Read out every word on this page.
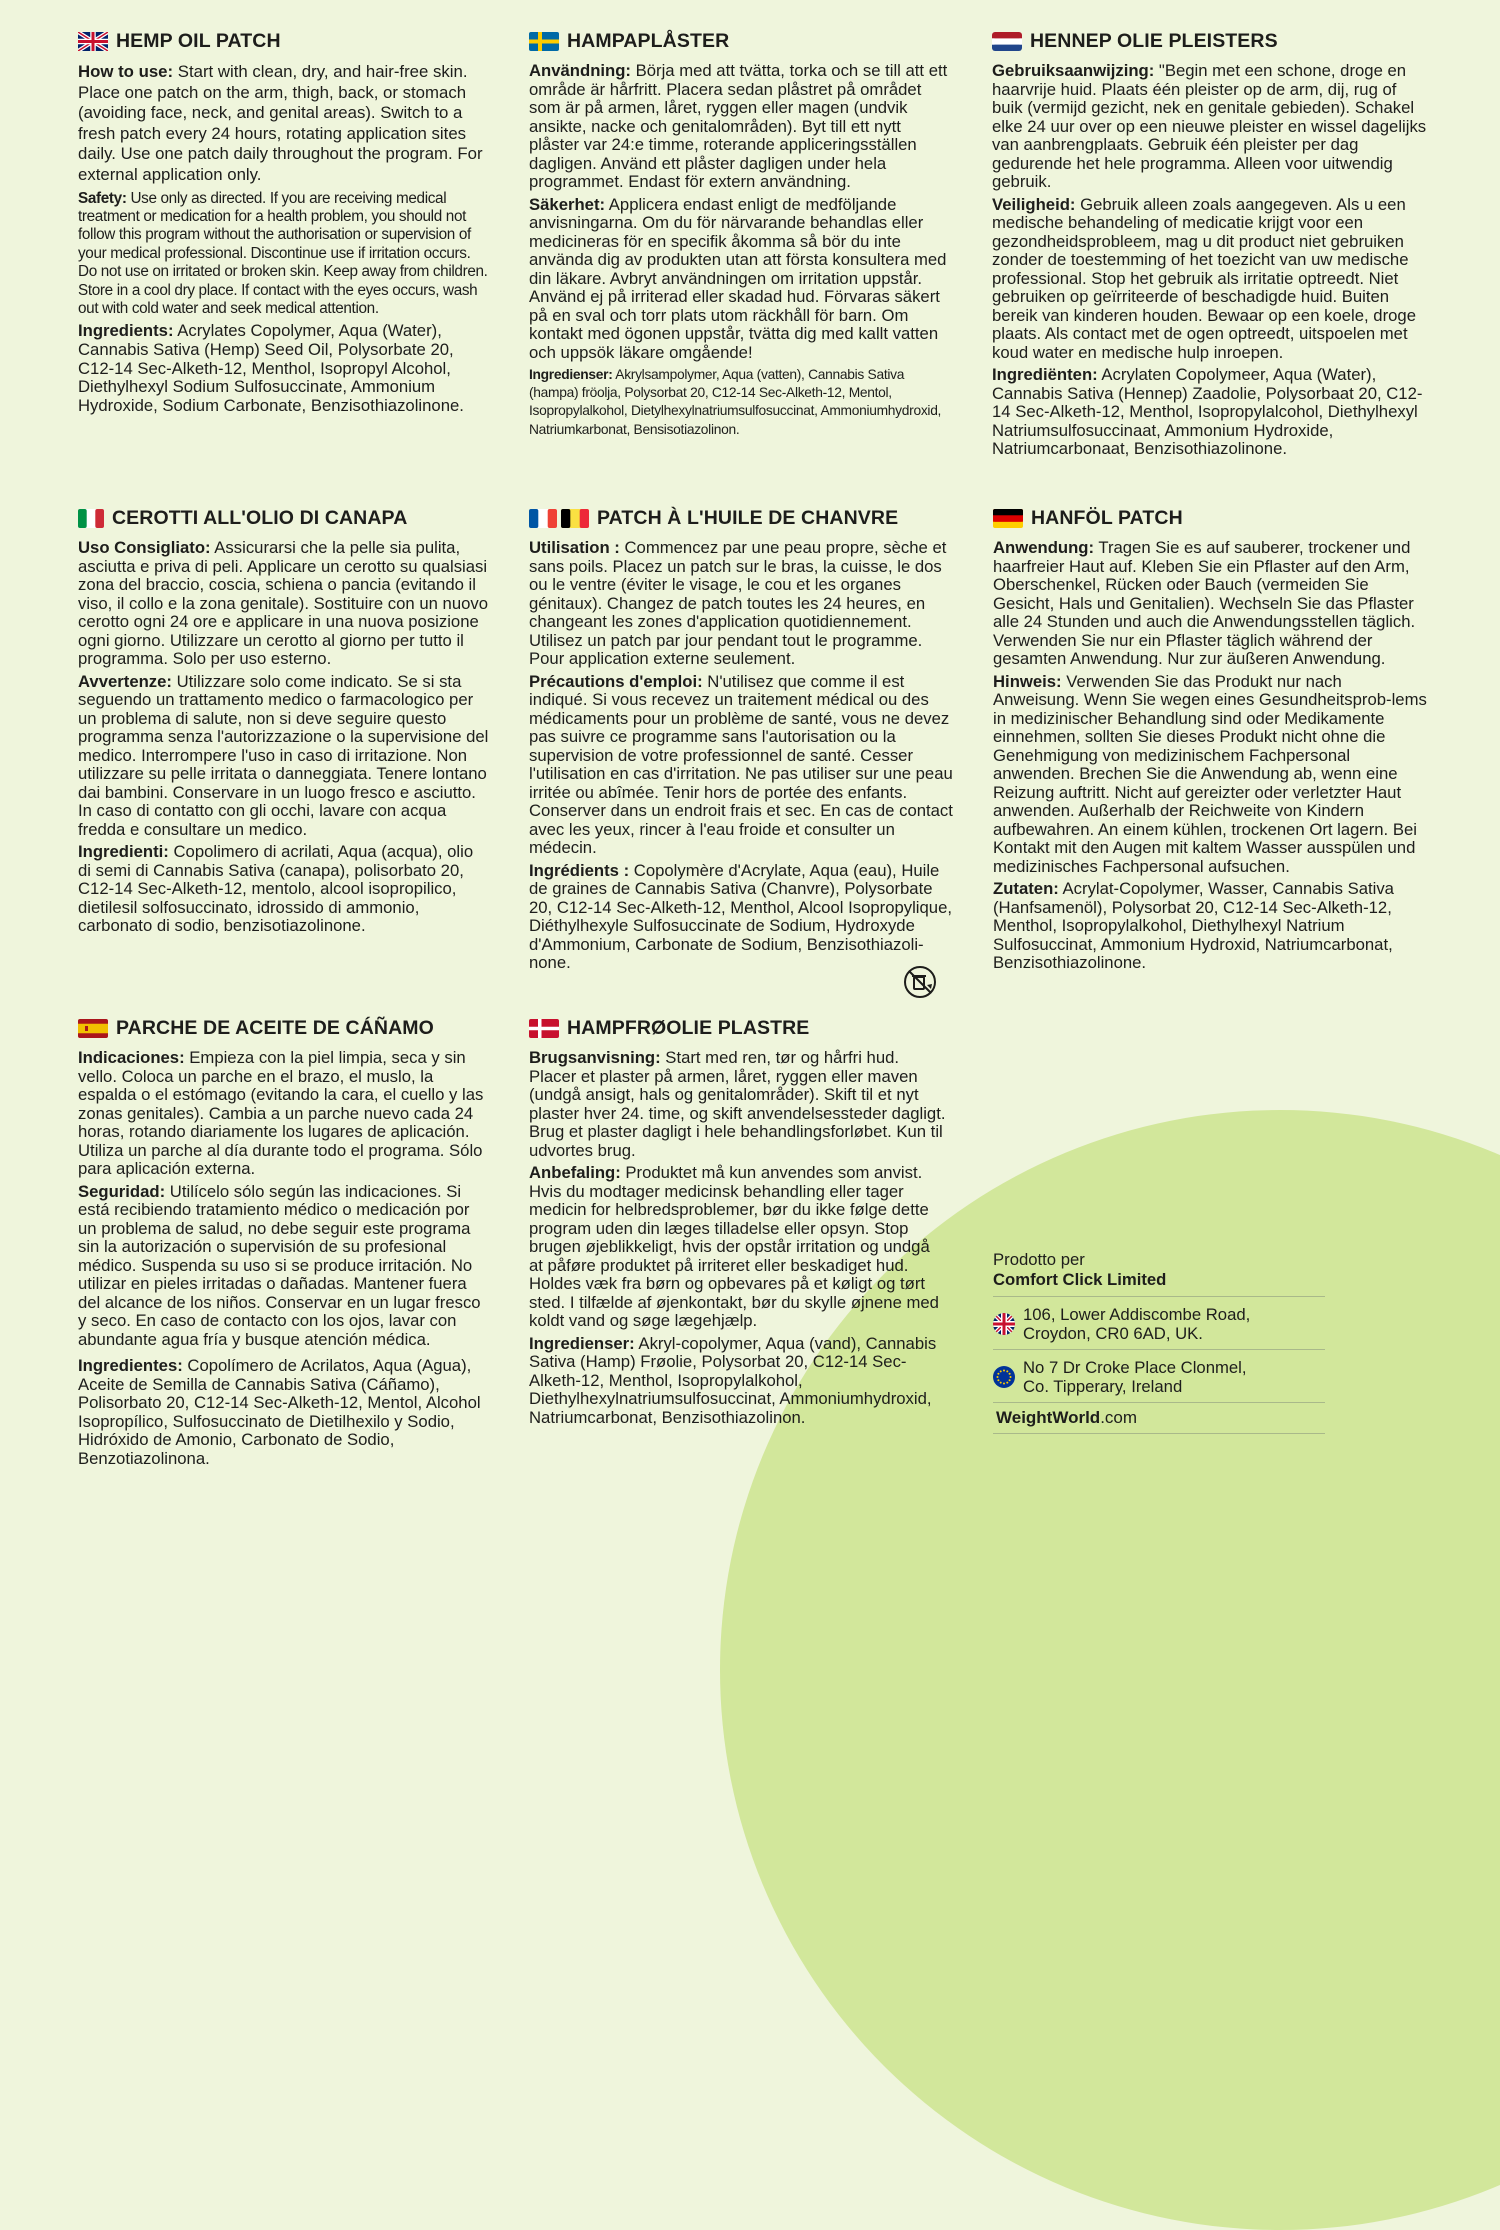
HEMP OIL PATCH

How to use: Start with clean, dry, and hair-free skin. Place one patch on the arm, thigh, back, or stomach (avoiding face, neck, and genital areas). Switch to a fresh patch every 24 hours, rotating application sites daily. Use one patch daily throughout the program. For external application only.

Safety: Use only as directed. If you are receiving medical treatment or medication for a health problem, you should not follow this program without the authorisation or supervision of your medical professional. Discontinue use if irritation occurs. Do not use on irritated or broken skin. Keep away from children. Store in a cool dry place. If contact with the eyes occurs, wash out with cold water and seek medical attention.

Ingredients: Acrylates Copolymer, Aqua (Water), Cannabis Sativa (Hemp) Seed Oil, Polysorbate 20, C12-14 Sec-Alketh-12, Menthol, Isopropyl Alcohol, Diethylhexyl Sodium Sulfosuccinate, Ammonium Hydroxide, Sodium Carbonate, Benzisothiazolinone.

HAMPAPLÅSTER

Användning: Börja med att tvätta, torka och se till att ett område är hårfritt. Placera sedan plåstret på området som är på armen, låret, ryggen eller magen (undvik ansikte, nacke och genitalområden). Byt till ett nytt plåster var 24:e timme, roterande appliceringsställen dagligen. Använd ett plåster dagligen under hela programmet. Endast för extern användning.

Säkerhet: Applicera endast enligt de medföljande anvisningarna. Om du för närvarande behandlas eller medicineras för en specifik åkomma så bör du inte använda dig av produkten utan att första konsultera med din läkare. Avbryt användningen om irritation uppstår. Använd ej på irriterad eller skadad hud. Förvaras säkert på en sval och torr plats utom räckhåll för barn. Om kontakt med ögonen uppstår, tvätta dig med kallt vatten och uppsök läkare omgående!

Ingredienser: Akrylsampolymer, Aqua (vatten), Cannabis Sativa (hampa) fröolja, Polysorbat 20, C12-14 Sec-Alketh-12, Mentol, Isopropylalkohol, Dietylhexylnatriumsulfosuccinat, Ammoniumhydroxid, Natriumkarbonat, Bensisotiazolinon.

HENNEP OLIE PLEISTERS

Gebruiksaanwijzing: "Begin met een schone, droge en haarvrije huid. Plaats één pleister op de arm, dij, rug of buik (vermijd gezicht, nek en genitale gebieden). Schakel elke 24 uur over op een nieuwe pleister en wissel dagelijks van aanbrengplaats. Gebruik één pleister per dag gedurende het hele programma. Alleen voor uitwendig gebruik.

Veiligheid: Gebruik alleen zoals aangegeven. Als u een medische behandeling of medicatie krijgt voor een gezondheidsprobleem, mag u dit product niet gebruiken zonder de toestemming of het toezicht van uw medische professional. Stop het gebruik als irritatie optreedt. Niet gebruiken op geïrriteerde of beschadigde huid. Buiten bereik van kinderen houden. Bewaar op een koele, droge plaats. Als contact met de ogen optreedt, uitspoelen met koud water en medische hulp inroepen.

Ingrediënten: Acrylaten Copolymeer, Aqua (Water), Cannabis Sativa (Hennep) Zaadolie, Polysorbaat 20, C12-14 Sec-Alketh-12, Menthol, Isopropylalcohol, Diethylhexyl Natriumsulfosuccinaat, Ammonium Hydroxide, Natriumcarbonaat, Benzisothiazolinone.

CEROTTI ALL'OLIO DI CANAPA

Uso Consigliato: Assicurarsi che la pelle sia pulita, asciutta e priva di peli. Applicare un cerotto su qualsiasi zona del braccio, coscia, schiena o pancia (evitando il viso, il collo e la zona genitale). Sostituire con un nuovo cerotto ogni 24 ore e applicare in una nuova posizione ogni giorno. Utilizzare un cerotto al giorno per tutto il programma. Solo per uso esterno.

Avvertenze: Utilizzare solo come indicato. Se si sta seguendo un trattamento medico o farmacologico per un problema di salute, non si deve seguire questo programma senza l'autorizzazione o la supervisione del medico. Interrompere l'uso in caso di irritazione. Non utilizzare su pelle irritata o danneggiata. Tenere lontano dai bambini. Conservare in un luogo fresco e asciutto. In caso di contatto con gli occhi, lavare con acqua fredda e consultare un medico.

Ingredienti: Copolimero di acrilati, Aqua (acqua), olio di semi di Cannabis Sativa (canapa), polisorbato 20, C12-14 Sec-Alketh-12, mentolo, alcool isopropilico, dietilesil solfosuccinato, idrossido di ammonio, carbonato di sodio, benzisotiazolinone.

PATCH À L'HUILE DE CHANVRE

Utilisation : Commencez par une peau propre, sèche et sans poils. Placez un patch sur le bras, la cuisse, le dos ou le ventre (éviter le visage, le cou et les organes génitaux). Changez de patch toutes les 24 heures, en changeant les zones d'application quotidiennement. Utilisez un patch par jour pendant tout le programme. Pour application externe seulement.

Précautions d'emploi: N'utilisez que comme il est indiqué. Si vous recevez un traitement médical ou des médicaments pour un problème de santé, vous ne devez pas suivre ce programme sans l'autorisation ou la supervision de votre professionnel de santé. Cesser l'utilisation en cas d'irritation. Ne pas utiliser sur une peau irritée ou abîmée. Tenir hors de portée des enfants. Conserver dans un endroit frais et sec. En cas de contact avec les yeux, rincer à l'eau froide et consulter un médecin.

Ingrédients : Copolymère d'Acrylate, Aqua (eau), Huile de graines de Cannabis Sativa (Chanvre), Polysorbate 20, C12-14 Sec-Alketh-12, Menthol, Alcool Isopropylique, Diéthylhexyle Sulfosuccinate de Sodium, Hydroxyde d'Ammonium, Carbonate de Sodium, Benzisothiazoli-none.

HANFÖL PATCH

Anwendung: Tragen Sie es auf sauberer, trockener und haarfreier Haut auf. Kleben Sie ein Pflaster auf den Arm, Oberschenkel, Rücken oder Bauch (vermeiden Sie Gesicht, Hals und Genitalien). Wechseln Sie das Pflaster alle 24 Stunden und auch die Anwendungsstellen täglich. Verwenden Sie nur ein Pflaster täglich während der gesamten Anwendung. Nur zur äußeren Anwendung.

Hinweis: Verwenden Sie das Produkt nur nach Anweisung. Wenn Sie wegen eines Gesundheitsprob-lems in medizinischer Behandlung sind oder Medikamente einnehmen, sollten Sie dieses Produkt nicht ohne die Genehmigung von medizinischem Fachpersonal anwenden. Brechen Sie die Anwendung ab, wenn eine Reizung auftritt. Nicht auf gereizter oder verletzter Haut anwenden. Außerhalb der Reichweite von Kindern aufbewahren. An einem kühlen, trockenen Ort lagern. Bei Kontakt mit den Augen mit kaltem Wasser ausspülen und medizinisches Fachpersonal aufsuchen.

Zutaten: Acrylat-Copolymer, Wasser, Cannabis Sativa (Hanfsamenöl), Polysorbat 20, C12-14 Sec-Alketh-12, Menthol, Isopropylalkohol, Diethylhexyl Natrium Sulfosuccinat, Ammonium Hydroxid, Natriumcarbonat, Benzisothiazolinone.

PARCHE DE ACEITE DE CÁÑAMO

Indicaciones: Empieza con la piel limpia, seca y sin vello. Coloca un parche en el brazo, el muslo, la espalda o el estómago (evitando la cara, el cuello y las zonas genitales). Cambia a un parche nuevo cada 24 horas, rotando diariamente los lugares de aplicación. Utiliza un parche al día durante todo el programa. Sólo para aplicación externa.

Seguridad: Utilícelo sólo según las indicaciones. Si está recibiendo tratamiento médico o medicación por un problema de salud, no debe seguir este programa sin la autorización o supervisión de su profesional médico. Suspenda su uso si se produce irritación. No utilizar en pieles irritadas o dañadas. Mantener fuera del alcance de los niños. Conservar en un lugar fresco y seco. En caso de contacto con los ojos, lavar con abundante agua fría y busque atención médica.

Ingredientes: Copolímero de Acrilatos, Aqua (Agua), Aceite de Semilla de Cannabis Sativa (Cáñamo), Polisorbato 20, C12-14 Sec-Alketh-12, Mentol, Alcohol Isopropílico, Sulfosuccinato de Dietilhexilo y Sodio, Hidróxido de Amonio, Carbonato de Sodio, Benzotiazolinona.

HAMPFRØOLIE PLASTRE

Brugsanvisning: Start med ren, tør og hårfri hud. Placer et plaster på armen, låret, ryggen eller maven (undgå ansigt, hals og genitalområder). Skift til et nyt plaster hver 24. time, og skift anvendelsessteder dagligt. Brug et plaster dagligt i hele behandlingsforløbet. Kun til udvortes brug.

Anbefaling: Produktet må kun anvendes som anvist. Hvis du modtager medicinsk behandling eller tager medicin for helbredsproblemer, bør du ikke følge dette program uden din læges tilladelse eller opsyn. Stop brugen øjeblikkeligt, hvis der opstår irritation og undgå at påføre produktet på irriteret eller beskadiget hud. Holdes væk fra børn og opbevares på et køligt og tørt sted. I tilfælde af øjenkontakt, bør du skylle øjnene med koldt vand og søge lægehjælp.

Ingredienser: Akryl-copolymer, Aqua (vand), Cannabis Sativa (Hamp) Frøolie, Polysorbat 20, C12-14 Sec-Alketh-12, Menthol, Isopropylalkohol, Diethylhexylnatriumsulfosuccinat, Ammoniumhydroxid, Natriumcarbonat, Benzisothiazolinon.

Prodotto per
Comfort Click Limited
106, Lower Addiscombe Road, Croydon, CR0 6AD, UK.
No 7 Dr Croke Place Clonmel, Co. Tipperary, Ireland
WeightWorld.com
